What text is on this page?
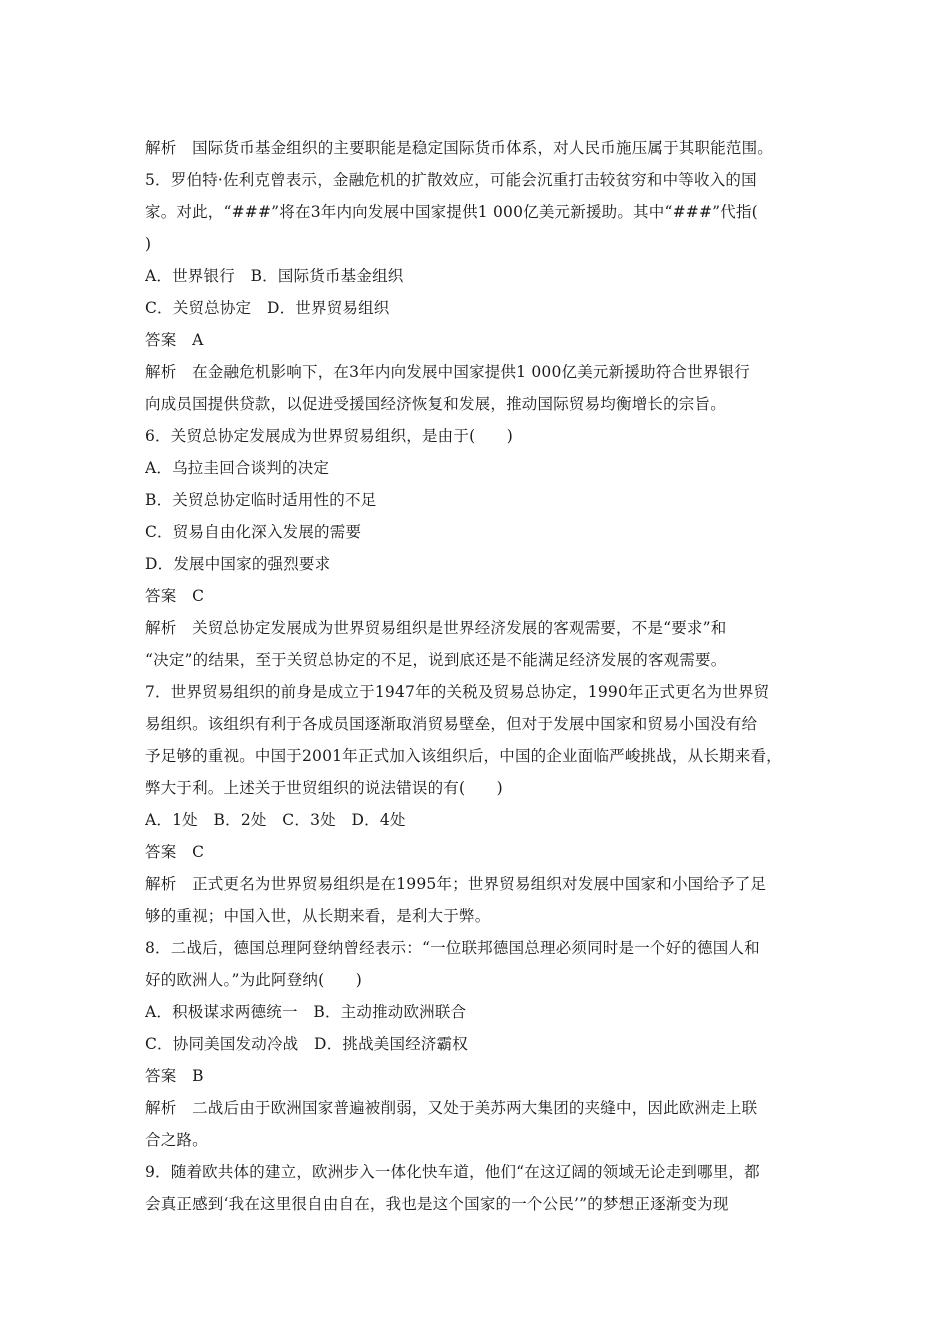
解析　国际货币基金组织的主要职能是稳定国际货币体系，对人民币施压属于其职能范围。
5．罗伯特·佐利克曾表示，金融危机的扩散效应，可能会沉重打击较贫穷和中等收入的国
家。对此，“###”将在3年内向发展中国家提供1 000亿美元新援助。其中“###”代指(
)
A．世界银行　B．国际货币基金组织
C．关贸总协定　D．世界贸易组织
答案　A
解析　在金融危机影响下，在3年内向发展中国家提供1 000亿美元新援助符合世界银行
向成员国提供贷款，以促进受援国经济恢复和发展，推动国际贸易均衡增长的宗旨。
6．关贸总协定发展成为世界贸易组织，是由于(　　)
A．乌拉圭回合谈判的决定
B．关贸总协定临时适用性的不足
C．贸易自由化深入发展的需要
D．发展中国家的强烈要求
答案　C
解析　关贸总协定发展成为世界贸易组织是世界经济发展的客观需要，不是“要求”和
“决定”的结果，至于关贸总协定的不足，说到底还是不能满足经济发展的客观需要。
7．世界贸易组织的前身是成立于1947年的关税及贸易总协定，1990年正式更名为世界贸
易组织。该组织有利于各成员国逐渐取消贸易壁垒，但对于发展中国家和贸易小国没有给
予足够的重视。中国于2001年正式加入该组织后，中国的企业面临严峻挑战，从长期来看，
弊大于利。上述关于世贸组织的说法错误的有(　　)
A．1处　B．2处　C．3处　D．4处
答案　C
解析　正式更名为世界贸易组织是在1995年；世界贸易组织对发展中国家和小国给予了足
够的重视；中国入世，从长期来看，是利大于弊。
8．二战后，德国总理阿登纳曾经表示：“一位联邦德国总理必须同时是一个好的德国人和
好的欧洲人。”为此阿登纳(　　)
A．积极谋求两德统一　B．主动推动欧洲联合
C．协同美国发动冷战　D．挑战美国经济霸权
答案　B
解析　二战后由于欧洲国家普遍被削弱，又处于美苏两大集团的夹缝中，因此欧洲走上联
合之路。
9．随着欧共体的建立，欧洲步入一体化快车道，他们“在这辽阔的领域无论走到哪里，都
会真正感到‘我在这里很自由自在，我也是这个国家的一个公民’”的梦想正逐渐变为现
